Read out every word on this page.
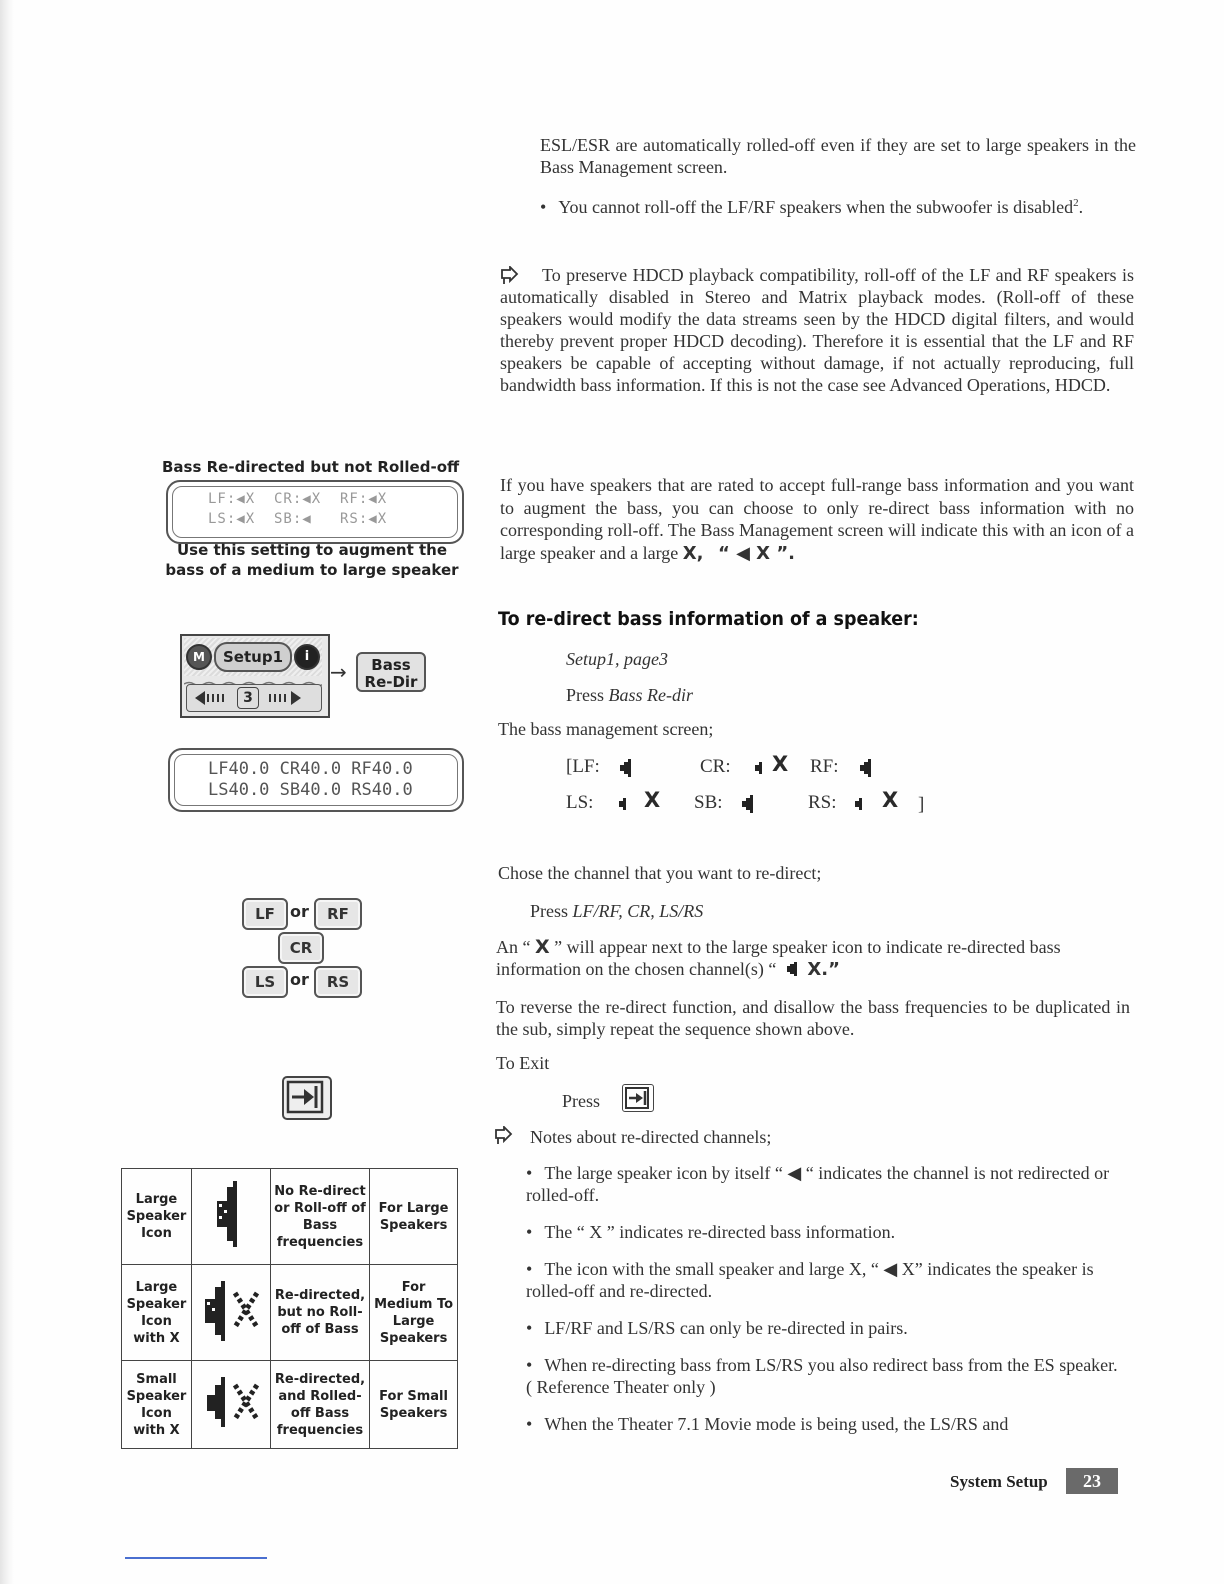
ESL/ESR are automatically rolled-off even if they are set to large speakers in the Bass Management screen.
• You cannot roll-off the LF/RF speakers when the subwoofer is disabled$^2$.
To preserve HDCD playback compatibility, roll-off of the LF and RF speakers is automatically disabled in Stereo and Matrix playback modes. (Roll-off of these speakers would modify the data streams seen by the HDCD digital filters, and would thereby prevent proper HDCD decoding). Therefore it is essential that the LF and RF speakers be capable of accepting without damage, if not actually reproducing, full bandwidth bass information. If this is not the case see Advanced Operations, HDCD.
Bass Re-directed but not Rolled-off
LF:◀X  CR:◀X  RF:◀X
LS:◀X  SB:◀   RS:◀X
Use this setting to augment the
bass of a medium to large speaker
M	Setup1	i
3
→	Bass
Re-Dir
LF40.0 CR40.0 RF40.0
LS40.0 SB40.0 RS40.0
LF or	RF
CR
LS or	RS
Large Speaker Icon		No Re-direct or Roll-off of Bass frequencies	For Large Speakers
Large Speaker Icon with X		Re-directed, but no Roll-off of Bass	For Medium To Large Speakers
Small Speaker Icon with X		Re-directed, and Rolled-off Bass frequencies	For Small Speakers
If you have speakers that are rated to accept full-range bass information and you want to augment the bass, you can choose to only re-direct bass information with no corresponding roll-off. The Bass Management screen will indicate this with an icon of a large speaker and a large X, “ ◀ X ”.
To re-direct bass information of a speaker:
Setup1, page3
Press Bass Re-dir
The bass management screen;
[LF:	CR: X RF:
LS: X SB:	RS: X ]
Chose the channel that you want to re-direct;
Press LF/RF, CR, LS/RS
An “ X ” will appear next to the large speaker icon to indicate re-directed bass information on the chosen channel(s) “ X.”
To reverse the re-direct function, and disallow the bass frequencies to be duplicated in the sub, simply repeat the sequence shown above.
To Exit
Press
Notes about re-directed channels;
• The large speaker icon by itself “ ◀ “ indicates the channel is not redirected or rolled-off.
• The “ X ” indicates re-directed bass information.
• The icon with the small speaker and large X, “ ◀ X” indicates the speaker is rolled-off and re-directed.
• LF/RF and LS/RS can only be re-directed in pairs.
• When re-directing bass from LS/RS you also redirect bass from the ES speaker. ( Reference Theater only )
• When the Theater 7.1 Movie mode is being used, the LS/RS and
System Setup	23
